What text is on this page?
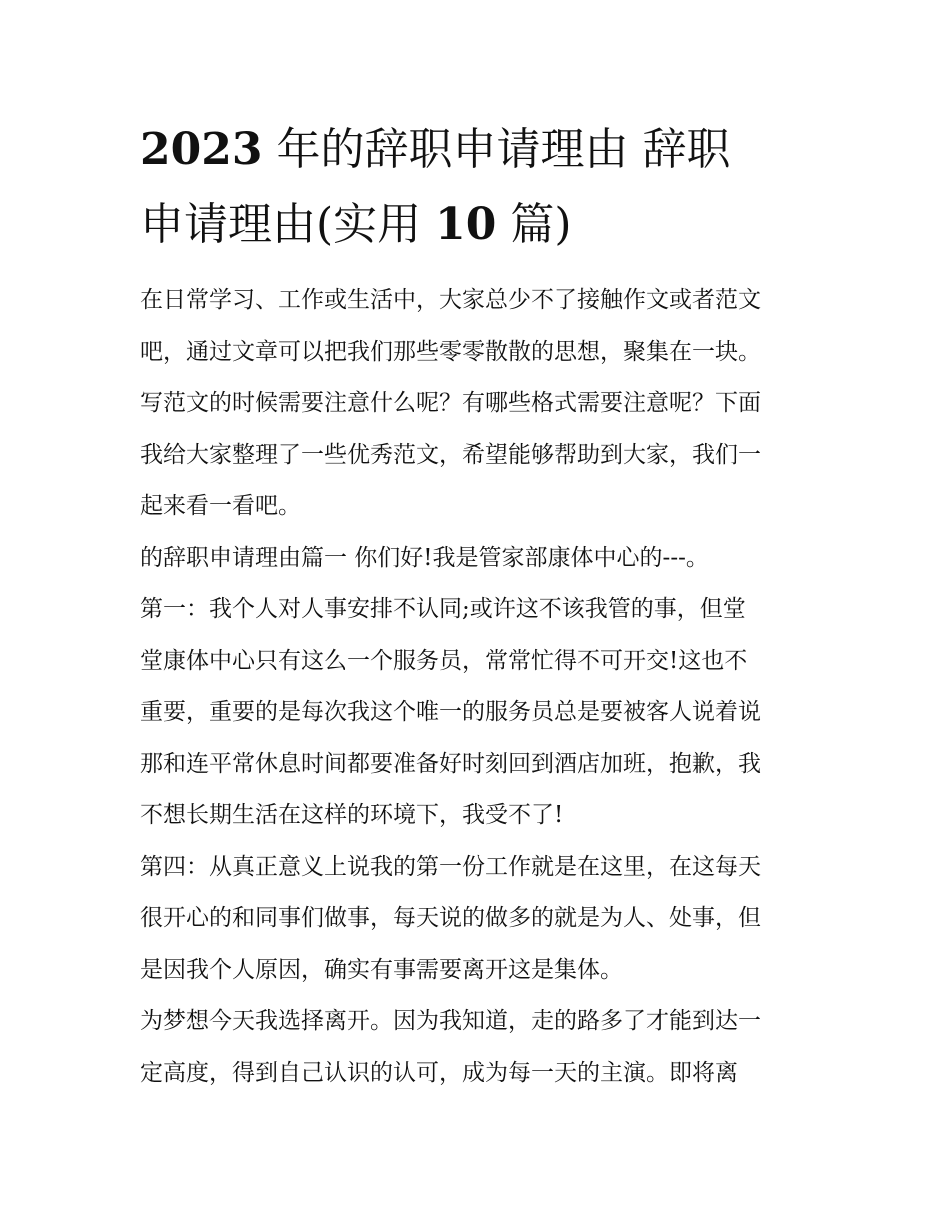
2023 年的辞职申请理由 辞职
申请理由(实用 10 篇)

在日常学习、工作或生活中，大家总少不了接触作文或者范文

吧，通过文章可以把我们那些零零散散的思想，聚集在一块。

写范文的时候需要注意什么呢？有哪些格式需要注意呢？下面

我给大家整理了一些优秀范文，希望能够帮助到大家，我们一

起来看一看吧。

的辞职申请理由篇一 你们好!我是管家部康体中心的---。

第一：我个人对人事安排不认同;或许这不该我管的事，但堂

堂康体中心只有这么一个服务员，常常忙得不可开交!这也不

重要，重要的是每次我这个唯一的服务员总是要被客人说着说

那和连平常休息时间都要准备好时刻回到酒店加班，抱歉，我

不想长期生活在这样的环境下，我受不了!

第四：从真正意义上说我的第一份工作就是在这里，在这每天

很开心的和同事们做事，每天说的做多的就是为人、处事，但

是因我个人原因，确实有事需要离开这是集体。

为梦想今天我选择离开。因为我知道，走的路多了才能到达一

定高度，得到自己认识的认可，成为每一天的主演。即将离
